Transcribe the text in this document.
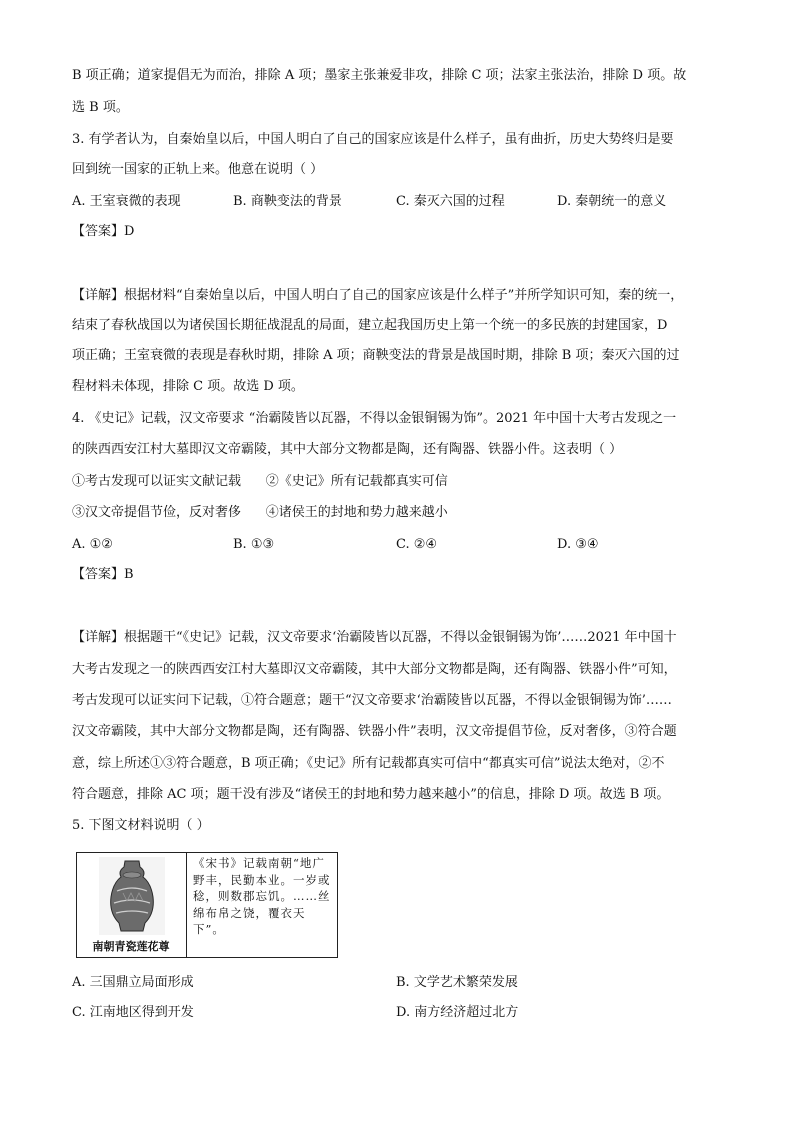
B 项正确；道家提倡无为而治，排除 A 项；墨家主张兼爱非攻，排除 C 项；法家主张法治，排除 D 项。故
选 B 项。
3. 有学者认为，自秦始皇以后，中国人明白了自己的国家应该是什么样子，虽有曲折，历史大势终归是要
回到统一国家的正轨上来。他意在说明（ ）
A. 王室衰微的表现	B. 商鞅变法的背景	C. 秦灭六国的过程	D. 秦朝统一的意义
【答案】D
【详解】根据材料“自秦始皇以后，中国人明白了自己的国家应该是什么样子”并所学知识可知，秦的统一，
结束了春秋战国以为诸侯国长期征战混乱的局面，建立起我国历史上第一个统一的多民族的封建国家，D
项正确；王室衰微的表现是春秋时期，排除 A 项；商鞅变法的背景是战国时期，排除 B 项；秦灭六国的过
程材料未体现，排除 C 项。故选 D 项。
4. 《史记》记载，汉文帝要求 “治霸陵皆以瓦器，不得以金银铜锡为饰”。2021 年中国十大考古发现之一
的陕西西安江村大墓即汉文帝霸陵，其中大部分文物都是陶，还有陶器、铁器小件。这表明（ ）
①考古发现可以证实文献记载      ②《史记》所有记载都真实可信
③汉文帝提倡节俭，反对奢侈      ④诸侯王的封地和势力越来越小
A. ①②	B. ①③	C. ②④	D. ③④
【答案】B
【详解】根据题干“《史记》记载，汉文帝要求‘治霸陵皆以瓦器，不得以金银铜锡为饰’……2021 年中国十
大考古发现之一的陕西西安江村大墓即汉文帝霸陵，其中大部分文物都是陶，还有陶器、铁器小件”可知，
考古发现可以证实问下记载，①符合题意；题干“汉文帝要求‘治霸陵皆以瓦器，不得以金银铜锡为饰’……
汉文帝霸陵，其中大部分文物都是陶，还有陶器、铁器小件”表明，汉文帝提倡节俭，反对奢侈，③符合题
意，综上所述①③符合题意，B 项正确；《史记》所有记载都真实可信中“都真实可信”说法太绝对，②不
符合题意，排除 AC 项；题干没有涉及“诸侯王的封地和势力越来越小”的信息，排除 D 项。故选 B 项。
5. 下图文材料说明（ ）
南朝青瓷莲花尊
《宋书》记载南朝“地广野丰，民勤本业。一岁或稔，则数郡忘饥。……丝绵布帛之饶，覆衣天下”。
A. 三国鼎立局面形成	B. 文学艺术繁荣发展
C. 江南地区得到开发	D. 南方经济超过北方
